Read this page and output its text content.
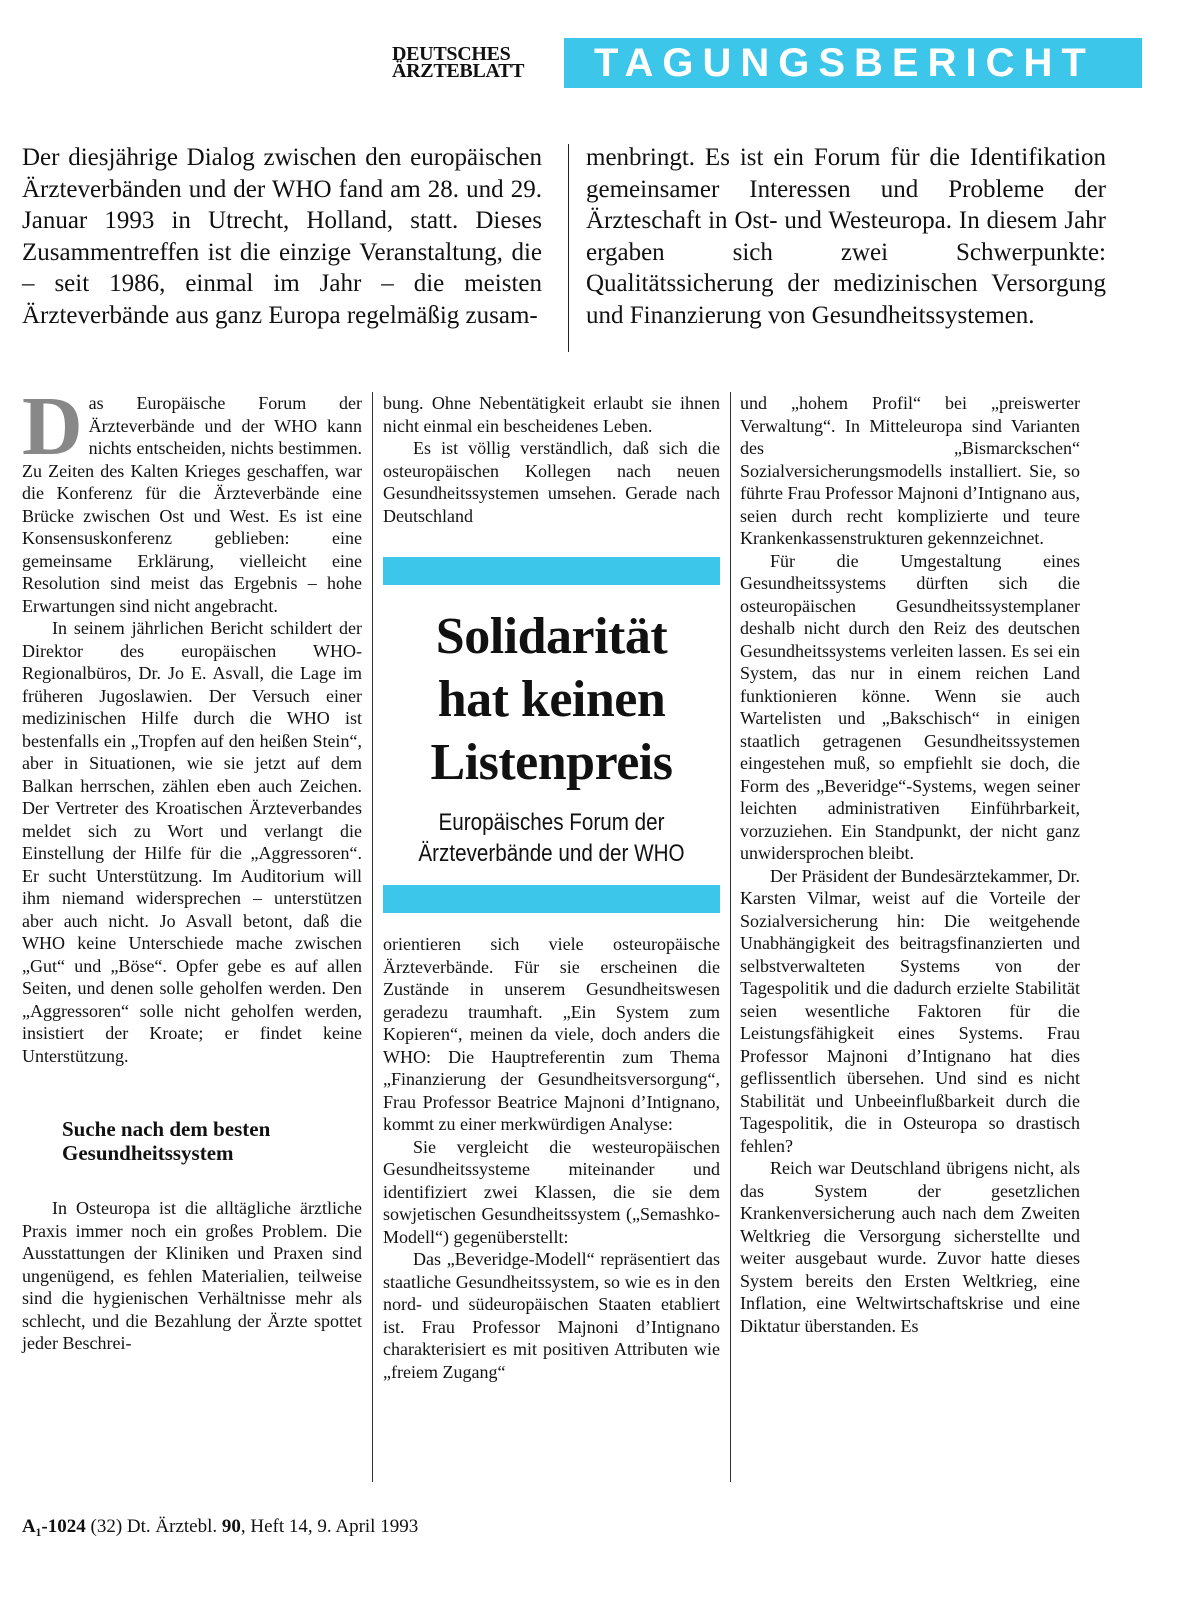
DEUTSCHES
ÄRZTEBLATT	TAGUNGSBERICHT
Der diesjährige Dialog zwischen den europäischen Ärzteverbänden und der WHO fand am 28. und 29. Januar 1993 in Utrecht, Holland, statt. Dieses Zusammentreffen ist die einzige Veranstaltung, die – seit 1986, einmal im Jahr – die meisten Ärzteverbände aus ganz Europa regelmäßig zusam-
menbringt. Es ist ein Forum für die Identifikation gemeinsamer Interessen und Probleme der Ärzteschaft in Ost- und Westeuropa. In diesem Jahr ergaben sich zwei Schwerpunkte: Qualitätssicherung der medizinischen Versorgung und Finanzierung von Gesundheitssystemen.

Das Europäische Forum der Ärzteverbände und der WHO kann nichts entscheiden, nichts bestimmen. Zu Zeiten des Kalten Krieges geschaffen, war die Konferenz für die Ärzteverbände eine Brücke zwischen Ost und West. Es ist eine Konsensuskonferenz geblieben: eine gemeinsame Erklärung, vielleicht eine Resolution sind meist das Ergebnis – hohe Erwartungen sind nicht angebracht.

In seinem jährlichen Bericht schildert der Direktor des europäischen WHO-Regionalbüros, Dr. Jo E. Asvall, die Lage im früheren Jugoslawien. Der Versuch einer medizinischen Hilfe durch die WHO ist bestenfalls ein „Tropfen auf den heißen Stein“, aber in Situationen, wie sie jetzt auf dem Balkan herrschen, zählen eben auch Zeichen. Der Vertreter des Kroatischen Ärzteverbandes meldet sich zu Wort und verlangt die Einstellung der Hilfe für die „Aggressoren“. Er sucht Unterstützung. Im Auditorium will ihm niemand widersprechen – unterstützen aber auch nicht. Jo Asvall betont, daß die WHO keine Unterschiede mache zwischen „Gut“ und „Böse“. Opfer gebe es auf allen Seiten, und denen solle geholfen werden. Den „Aggressoren“ solle nicht geholfen werden, insistiert der Kroate; er findet keine Unterstützung.

Suche nach dem besten Gesundheitssystem

In Osteuropa ist die alltägliche ärztliche Praxis immer noch ein großes Problem. Die Ausstattungen der Kliniken und Praxen sind ungenügend, es fehlen Materialien, teilweise sind die hygienischen Verhältnisse mehr als schlecht, und die Bezahlung der Ärzte spottet jeder Beschrei-

bung. Ohne Nebentätigkeit erlaubt sie ihnen nicht einmal ein bescheidenes Leben.

Es ist völlig verständlich, daß sich die osteuropäischen Kollegen nach neuen Gesundheitssystemen umsehen. Gerade nach Deutschland

Solidarität
hat keinen
Listenpreis
Europäisches Forum der
Ärzteverbände und der WHO

orientieren sich viele osteuropäische Ärzteverbände. Für sie erscheinen die Zustände in unserem Gesundheitswesen geradezu traumhaft. „Ein System zum Kopieren“, meinen da viele, doch anders die WHO: Die Hauptreferentin zum Thema „Finanzierung der Gesundheitsversorgung“, Frau Professor Beatrice Majnoni d’Intignano, kommt zu einer merkwürdigen Analyse:

Sie vergleicht die westeuropäischen Gesundheitssysteme miteinander und identifiziert zwei Klassen, die sie dem sowjetischen Gesundheitssystem („Semashko-Modell“) gegenüberstellt:

Das „Beveridge-Modell“ repräsentiert das staatliche Gesundheitssystem, so wie es in den nord- und südeuropäischen Staaten etabliert ist. Frau Professor Majnoni d’Intignano charakterisiert es mit positiven Attributen wie „freiem Zugang“

und „hohem Profil“ bei „preiswerter Verwaltung“. In Mitteleuropa sind Varianten des „Bismarckschen“ Sozialversicherungsmodells installiert. Sie, so führte Frau Professor Majnoni d’Intignano aus, seien durch recht komplizierte und teure Krankenkassenstrukturen gekennzeichnet.

Für die Umgestaltung eines Gesundheitssystems dürften sich die osteuropäischen Gesundheitssystemplaner deshalb nicht durch den Reiz des deutschen Gesundheitssystems verleiten lassen. Es sei ein System, das nur in einem reichen Land funktionieren könne. Wenn sie auch Wartelisten und „Bakschisch“ in einigen staatlich getragenen Gesundheitssystemen eingestehen muß, so empfiehlt sie doch, die Form des „Beveridge“-Systems, wegen seiner leichten administrativen Einführbarkeit, vorzuziehen. Ein Standpunkt, der nicht ganz unwidersprochen bleibt.

Der Präsident der Bundesärztekammer, Dr. Karsten Vilmar, weist auf die Vorteile der Sozialversicherung hin: Die weitgehende Unabhängigkeit des beitragsfinanzierten und selbstverwalteten Systems von der Tagespolitik und die dadurch erzielte Stabilität seien wesentliche Faktoren für die Leistungsfähigkeit eines Systems. Frau Professor Majnoni d’Intignano hat dies geflissentlich übersehen. Und sind es nicht Stabilität und Unbeeinflußbarkeit durch die Tagespolitik, die in Osteuropa so drastisch fehlen?

Reich war Deutschland übrigens nicht, als das System der gesetzlichen Krankenversicherung auch nach dem Zweiten Weltkrieg die Versorgung sicherstellte und weiter ausgebaut wurde. Zuvor hatte dieses System bereits den Ersten Weltkrieg, eine Inflation, eine Weltwirtschaftskrise und eine Diktatur überstanden. Es

A₁-1024 (32) Dt. Ärztebl. 90, Heft 14, 9. April 1993
